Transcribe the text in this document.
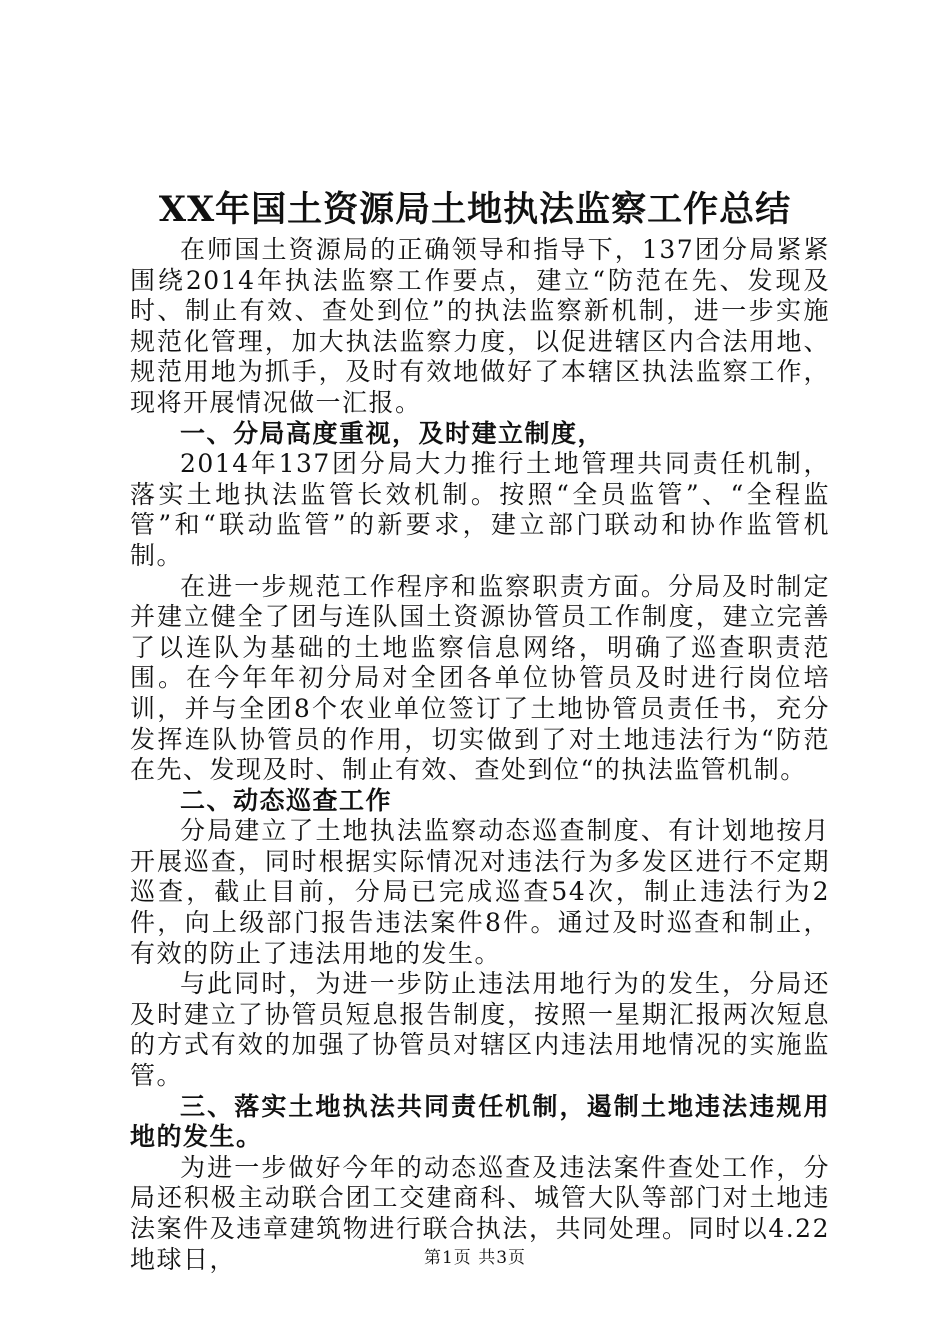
XX年国土资源局土地执法监察工作总结

在师国土资源局的正确领导和指导下，137团分局紧紧围绕2014年执法监察工作要点，建立“防范在先、发现及时、制止有效、查处到位”的执法监察新机制，进一步实施规范化管理，加大执法监察力度，以促进辖区内合法用地、规范用地为抓手，及时有效地做好了本辖区执法监察工作，现将开展情况做一汇报。

一、分局高度重视，及时建立制度，

2014年137团分局大力推行土地管理共同责任机制，落实土地执法监管长效机制。按照“全员监管”、“全程监管”和“联动监管”的新要求，建立部门联动和协作监管机制。

在进一步规范工作程序和监察职责方面。分局及时制定并建立健全了团与连队国土资源协管员工作制度，建立完善了以连队为基础的土地监察信息网络，明确了巡查职责范围。在今年年初分局对全团各单位协管员及时进行岗位培训，并与全团8个农业单位签订了土地协管员责任书，充分发挥连队协管员的作用，切实做到了对土地违法行为“防范在先、发现及时、制止有效、查处到位“的执法监管机制。

二、动态巡查工作

分局建立了土地执法监察动态巡查制度、有计划地按月开展巡查，同时根据实际情况对违法行为多发区进行不定期巡查，截止目前，分局已完成巡查54次，制止违法行为2件，向上级部门报告违法案件8件。通过及时巡查和制止，有效的防止了违法用地的发生。

与此同时，为进一步防止违法用地行为的发生，分局还及时建立了协管员短息报告制度，按照一星期汇报两次短息的方式有效的加强了协管员对辖区内违法用地情况的实施监管。

三、落实土地执法共同责任机制，遏制土地违法违规用地的发生。

为进一步做好今年的动态巡查及违法案件查处工作，分局还积极主动联合团工交建商科、城管大队等部门对土地违法案件及违章建筑物进行联合执法，共同处理。同时以4.22地球日，	第1页 共3页
